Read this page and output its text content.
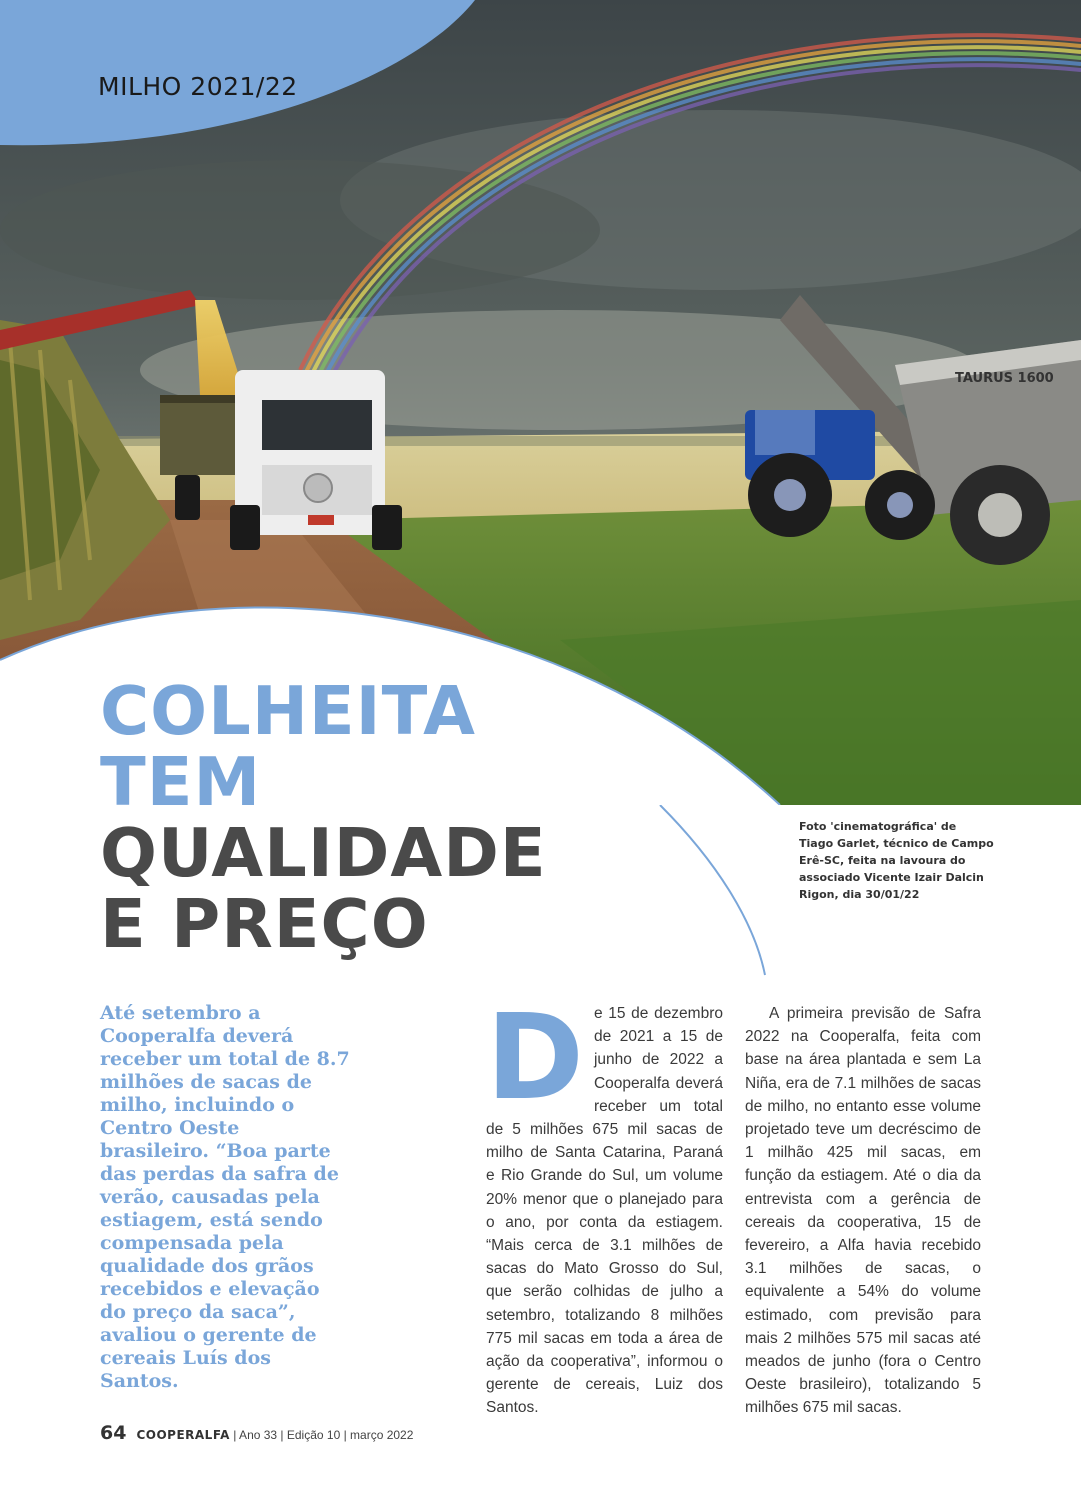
TAURUS 1600
MILHO 2021/22
COLHEITA
TEM
QUALIDADE
E PREÇO
Foto 'cinematográfica' de Tiago Garlet, técnico de Campo Erê-SC, feita na lavoura do associado Vicente Izair Dalcin Rigon, dia 30/01/22

Até setembro a Cooperalfa deverá receber um total de 8.7 milhões de sacas de milho, incluindo o Centro Oeste brasileiro. “Boa parte das perdas da safra de verão, causadas pela estiagem, está sendo compensada pela qualidade dos grãos recebidos e elevação do preço da saca”, avaliou o gerente de cereais Luís dos Santos.

De 15 de dezembro de 2021 a 15 de junho de 2022 a Cooperalfa deverá receber um total de 5 milhões 675 mil sacas de milho de Santa Catarina, Paraná e Rio Grande do Sul, um volume 20% menor que o planejado para o ano, por conta da estiagem. “Mais cerca de 3.1 milhões de sacas do Mato Grosso do Sul, que serão colhidas de julho a setembro, totalizando 8 milhões 775 mil sacas em toda a área de ação da cooperativa”, informou o gerente de cereais, Luiz dos Santos.

A primeira previsão de Safra 2022 na Cooperalfa, feita com base na área plantada e sem La Niña, era de 7.1 milhões de sacas de milho, no entanto esse volume projetado teve um decréscimo de 1 milhão 425 mil sacas, em função da estiagem. Até o dia da entrevista com a gerência de cereais da cooperativa, 15 de fevereiro, a Alfa havia recebido 3.1 milhões de sacas, o equivalente a 54% do volume estimado, com previsão para mais 2 milhões 575 mil sacas até meados de junho (fora o Centro Oeste brasileiro), totalizando 5 milhões 675 mil sacas.

64 COOPERALFA | Ano 33 | Edição 10 | março 2022
